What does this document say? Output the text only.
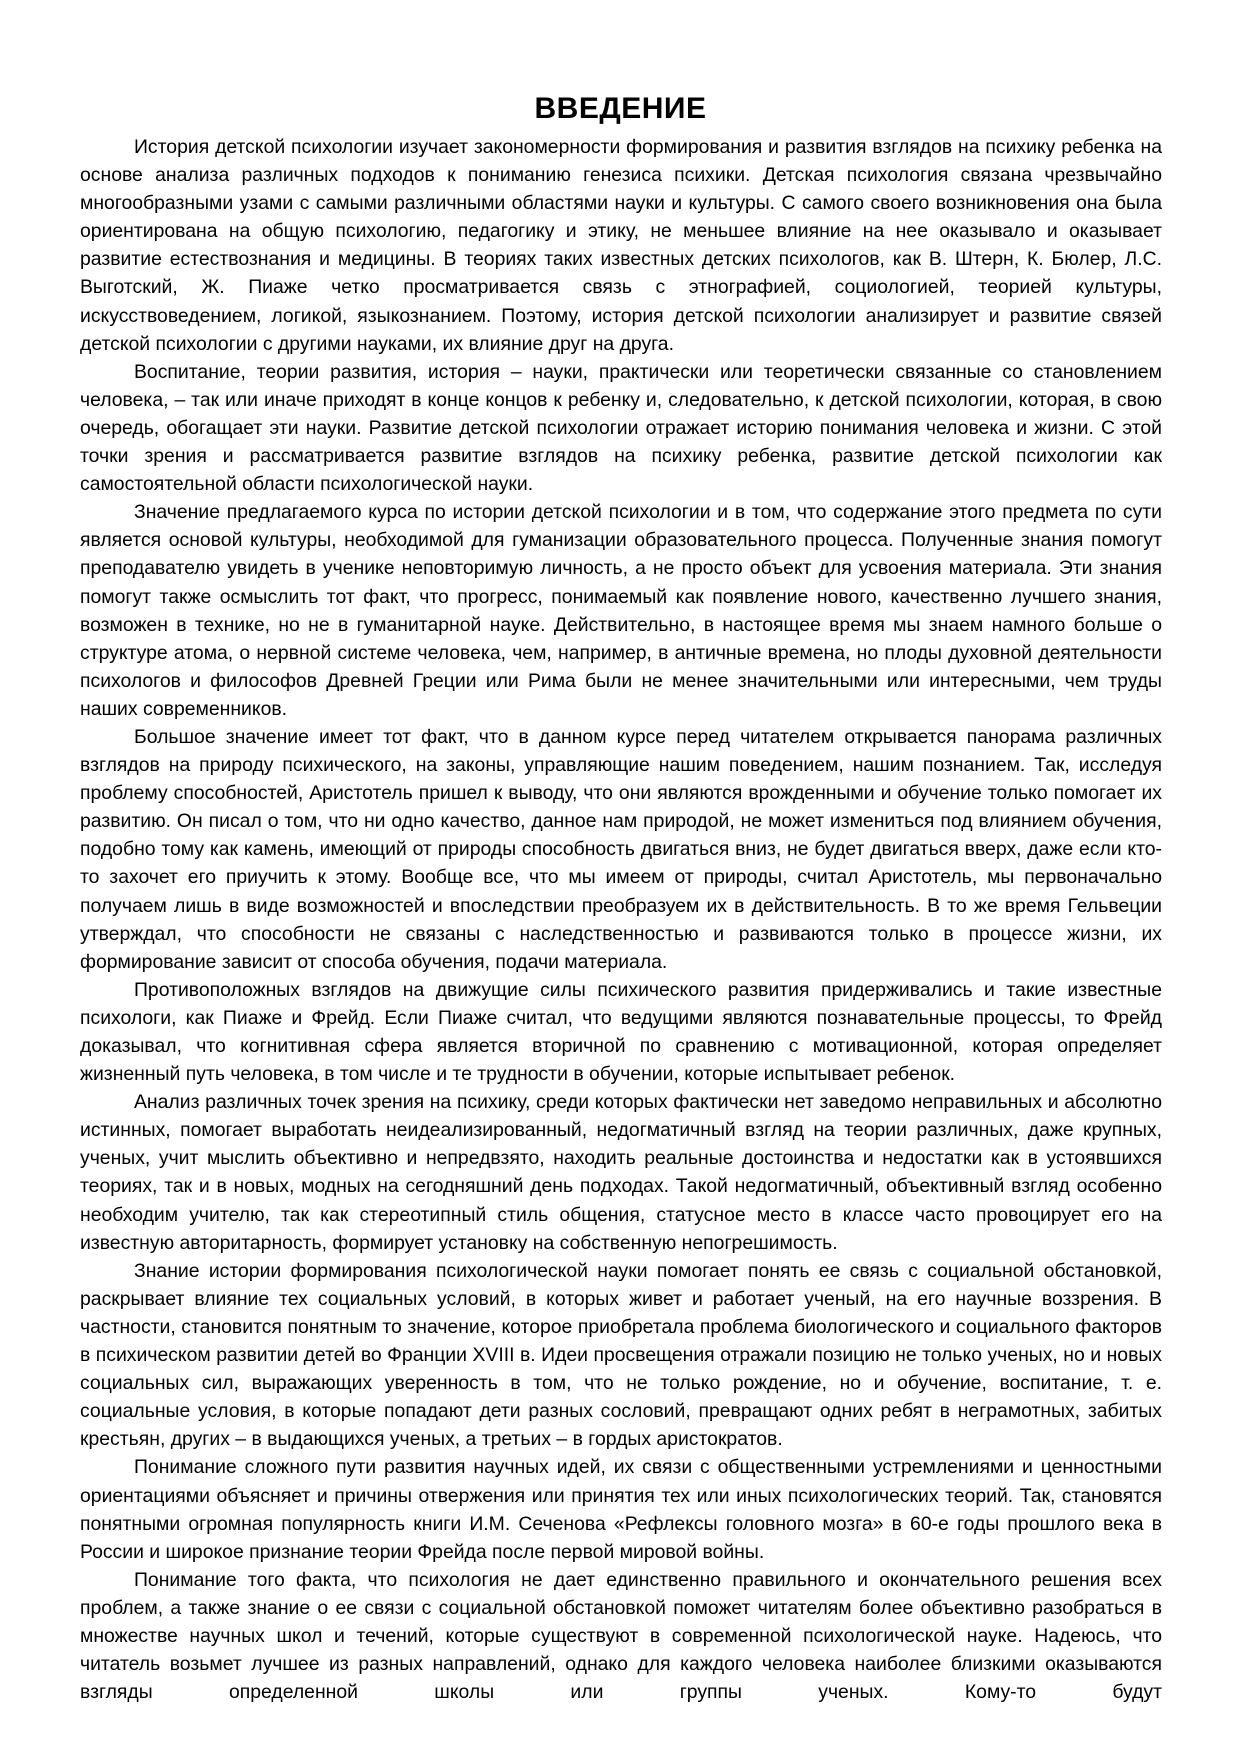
ВВЕДЕНИЕ

История детской психологии изучает закономерности формирования и развития взглядов на психику ребенка на основе анализа различных подходов к пониманию генезиса психики. Детская психология связана чрезвычайно многообразными узами с самыми различными областями науки и культуры. С самого своего возникновения она была ориентирована на общую психологию, педагогику и этику, не меньшее влияние на нее оказывало и оказывает развитие естествознания и медицины. В теориях таких известных детских психологов, как В. Штерн, К. Бюлер, Л.С. Выготский, Ж. Пиаже четко просматривается связь с этнографией, социологией, теорией культуры, искусствоведением, логикой, языкознанием. Поэтому, история детской психологии анализирует и развитие связей детской психологии с другими науками, их влияние друг на друга.

Воспитание, теории развития, история – науки, практически или теоретически связанные со становлением человека, – так или иначе приходят в конце концов к ребенку и, следовательно, к детской психологии, которая, в свою очередь, обогащает эти науки. Развитие детской психологии отражает историю понимания человека и жизни. С этой точки зрения и рассматривается развитие взглядов на психику ребенка, развитие детской психологии как самостоятельной области психологической науки.

Значение предлагаемого курса по истории детской психологии и в том, что содержание этого предмета по сути является основой культуры, необходимой для гуманизации образовательного процесса. Полученные знания помогут преподавателю увидеть в ученике неповторимую личность, а не просто объект для усвоения материала. Эти знания помогут также осмыслить тот факт, что прогресс, понимаемый как появление нового, качественно лучшего знания, возможен в технике, но не в гуманитарной науке. Действительно, в настоящее время мы знаем намного больше о структуре атома, о нервной системе человека, чем, например, в античные времена, но плоды духовной деятельности психологов и философов Древней Греции или Рима были не менее значительными или интересными, чем труды наших современников.

Большое значение имеет тот факт, что в данном курсе перед читателем открывается панорама различных взглядов на природу психического, на законы, управляющие нашим поведением, нашим познанием. Так, исследуя проблему способностей, Аристотель пришел к выводу, что они являются врожденными и обучение только помогает их развитию. Он писал о том, что ни одно качество, данное нам природой, не может измениться под влиянием обучения, подобно тому как камень, имеющий от природы способность двигаться вниз, не будет двигаться вверх, даже если кто-то захочет его приучить к этому. Вообще все, что мы имеем от природы, считал Аристотель, мы первоначально получаем лишь в виде возможностей и впоследствии преобразуем их в действительность. В то же время Гельвеции утверждал, что способности не связаны с наследственностью и развиваются только в процессе жизни, их формирование зависит от способа обучения, подачи материала.

Противоположных взглядов на движущие силы психического развития придерживались и такие известные психологи, как Пиаже и Фрейд. Если Пиаже считал, что ведущими являются познавательные процессы, то Фрейд доказывал, что когнитивная сфера является вторичной по сравнению с мотивационной, которая определяет жизненный путь человека, в том числе и те трудности в обучении, которые испытывает ребенок.

Анализ различных точек зрения на психику, среди которых фактически нет заведомо неправильных и абсолютно истинных, помогает выработать неидеализированный, недогматичный взгляд на теории различных, даже крупных, ученых, учит мыслить объективно и непредвзято, находить реальные достоинства и недостатки как в устоявшихся теориях, так и в новых, модных на сегодняшний день подходах. Такой недогматичный, объективный взгляд особенно необходим учителю, так как стереотипный стиль общения, статусное место в классе часто провоцирует его на известную авторитарность, формирует установку на собственную непогрешимость.

Знание истории формирования психологической науки помогает понять ее связь с социальной обстановкой, раскрывает влияние тех социальных условий, в которых живет и работает ученый, на его научные воззрения. В частности, становится понятным то значение, которое приобретала проблема биологического и социального факторов в психическом развитии детей во Франции XVIII в. Идеи просвещения отражали позицию не только ученых, но и новых социальных сил, выражающих уверенность в том, что не только рождение, но и обучение, воспитание, т. е. социальные условия, в которые попадают дети разных сословий, превращают одних ребят в неграмотных, забитых крестьян, других – в выдающихся ученых, а третьих – в гордых аристократов.

Понимание сложного пути развития научных идей, их связи с общественными устремлениями и ценностными ориентациями объясняет и причины отвержения или принятия тех или иных психологических теорий. Так, становятся понятными огромная популярность книги И.М. Сеченова «Рефлексы головного мозга» в 60-е годы прошлого века в России и широкое признание теории Фрейда после первой мировой войны.

Понимание того факта, что психология не дает единственно правильного и окончательного решения всех проблем, а также знание о ее связи с социальной обстановкой поможет читателям более объективно разобраться в множестве научных школ и течений, которые существуют в современной психологической науке. Надеюсь, что читатель возьмет лучшее из разных направлений, однако для каждого человека наиболее близкими оказываются взгляды определенной школы или группы ученых. Кому-то будут
